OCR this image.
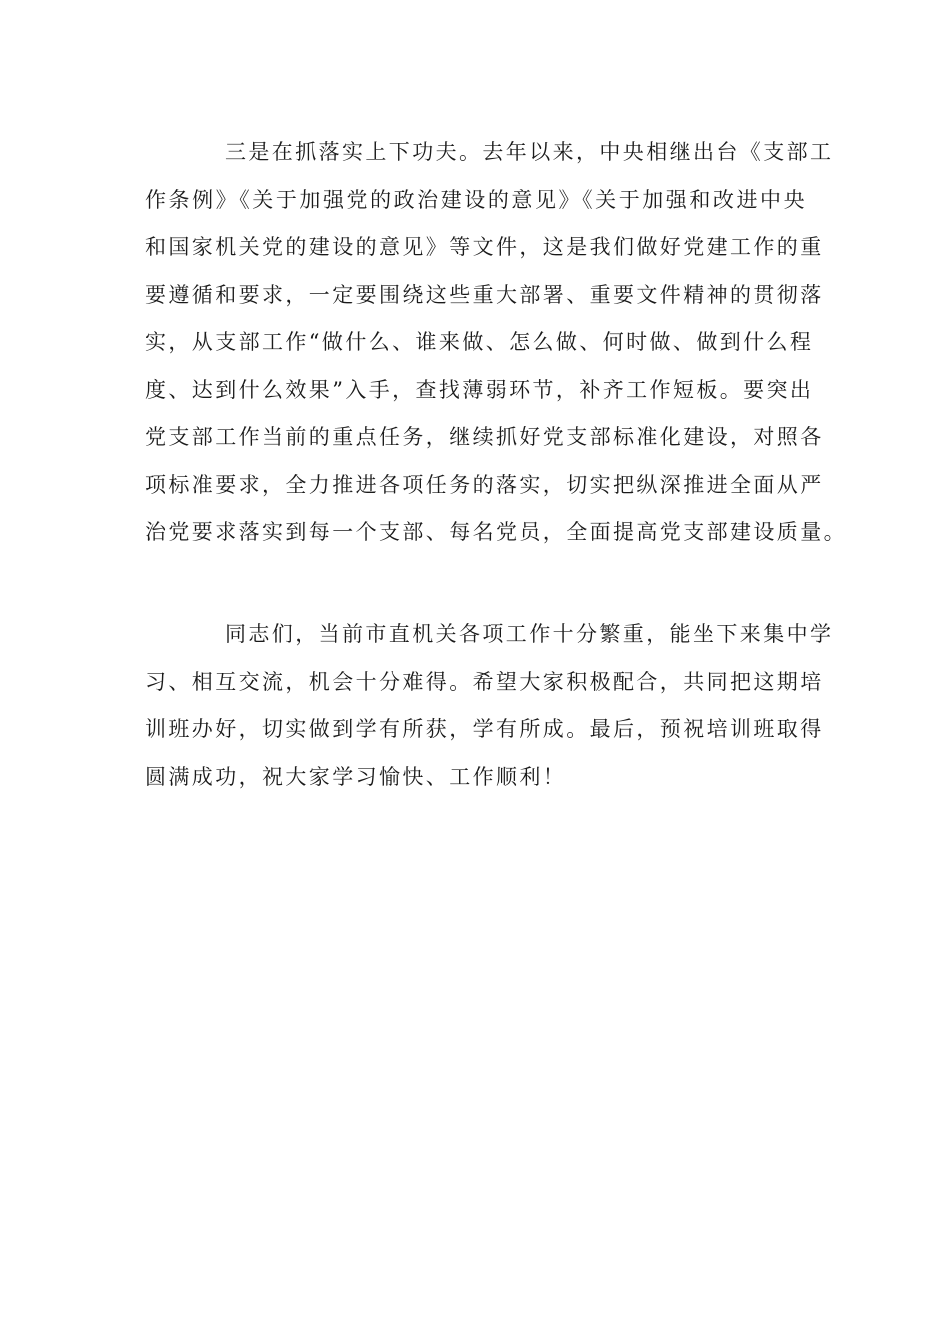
三是在抓落实上下功夫。去年以来，中央相继出台《支部工
作条例》《关于加强党的政治建设的意见》《关于加强和改进中央
和国家机关党的建设的意见》等文件，这是我们做好党建工作的重
要遵循和要求，一定要围绕这些重大部署、重要文件精神的贯彻落
实，从支部工作“做什么、谁来做、怎么做、何时做、做到什么程
度、达到什么效果”入手，查找薄弱环节，补齐工作短板。要突出
党支部工作当前的重点任务，继续抓好党支部标准化建设，对照各
项标准要求，全力推进各项任务的落实，切实把纵深推进全面从严
治党要求落实到每一个支部、每名党员，全面提高党支部建设质量。
同志们，当前市直机关各项工作十分繁重，能坐下来集中学
习、相互交流，机会十分难得。希望大家积极配合，共同把这期培
训班办好，切实做到学有所获，学有所成。最后，预祝培训班取得
圆满成功，祝大家学习愉快、工作顺利！
